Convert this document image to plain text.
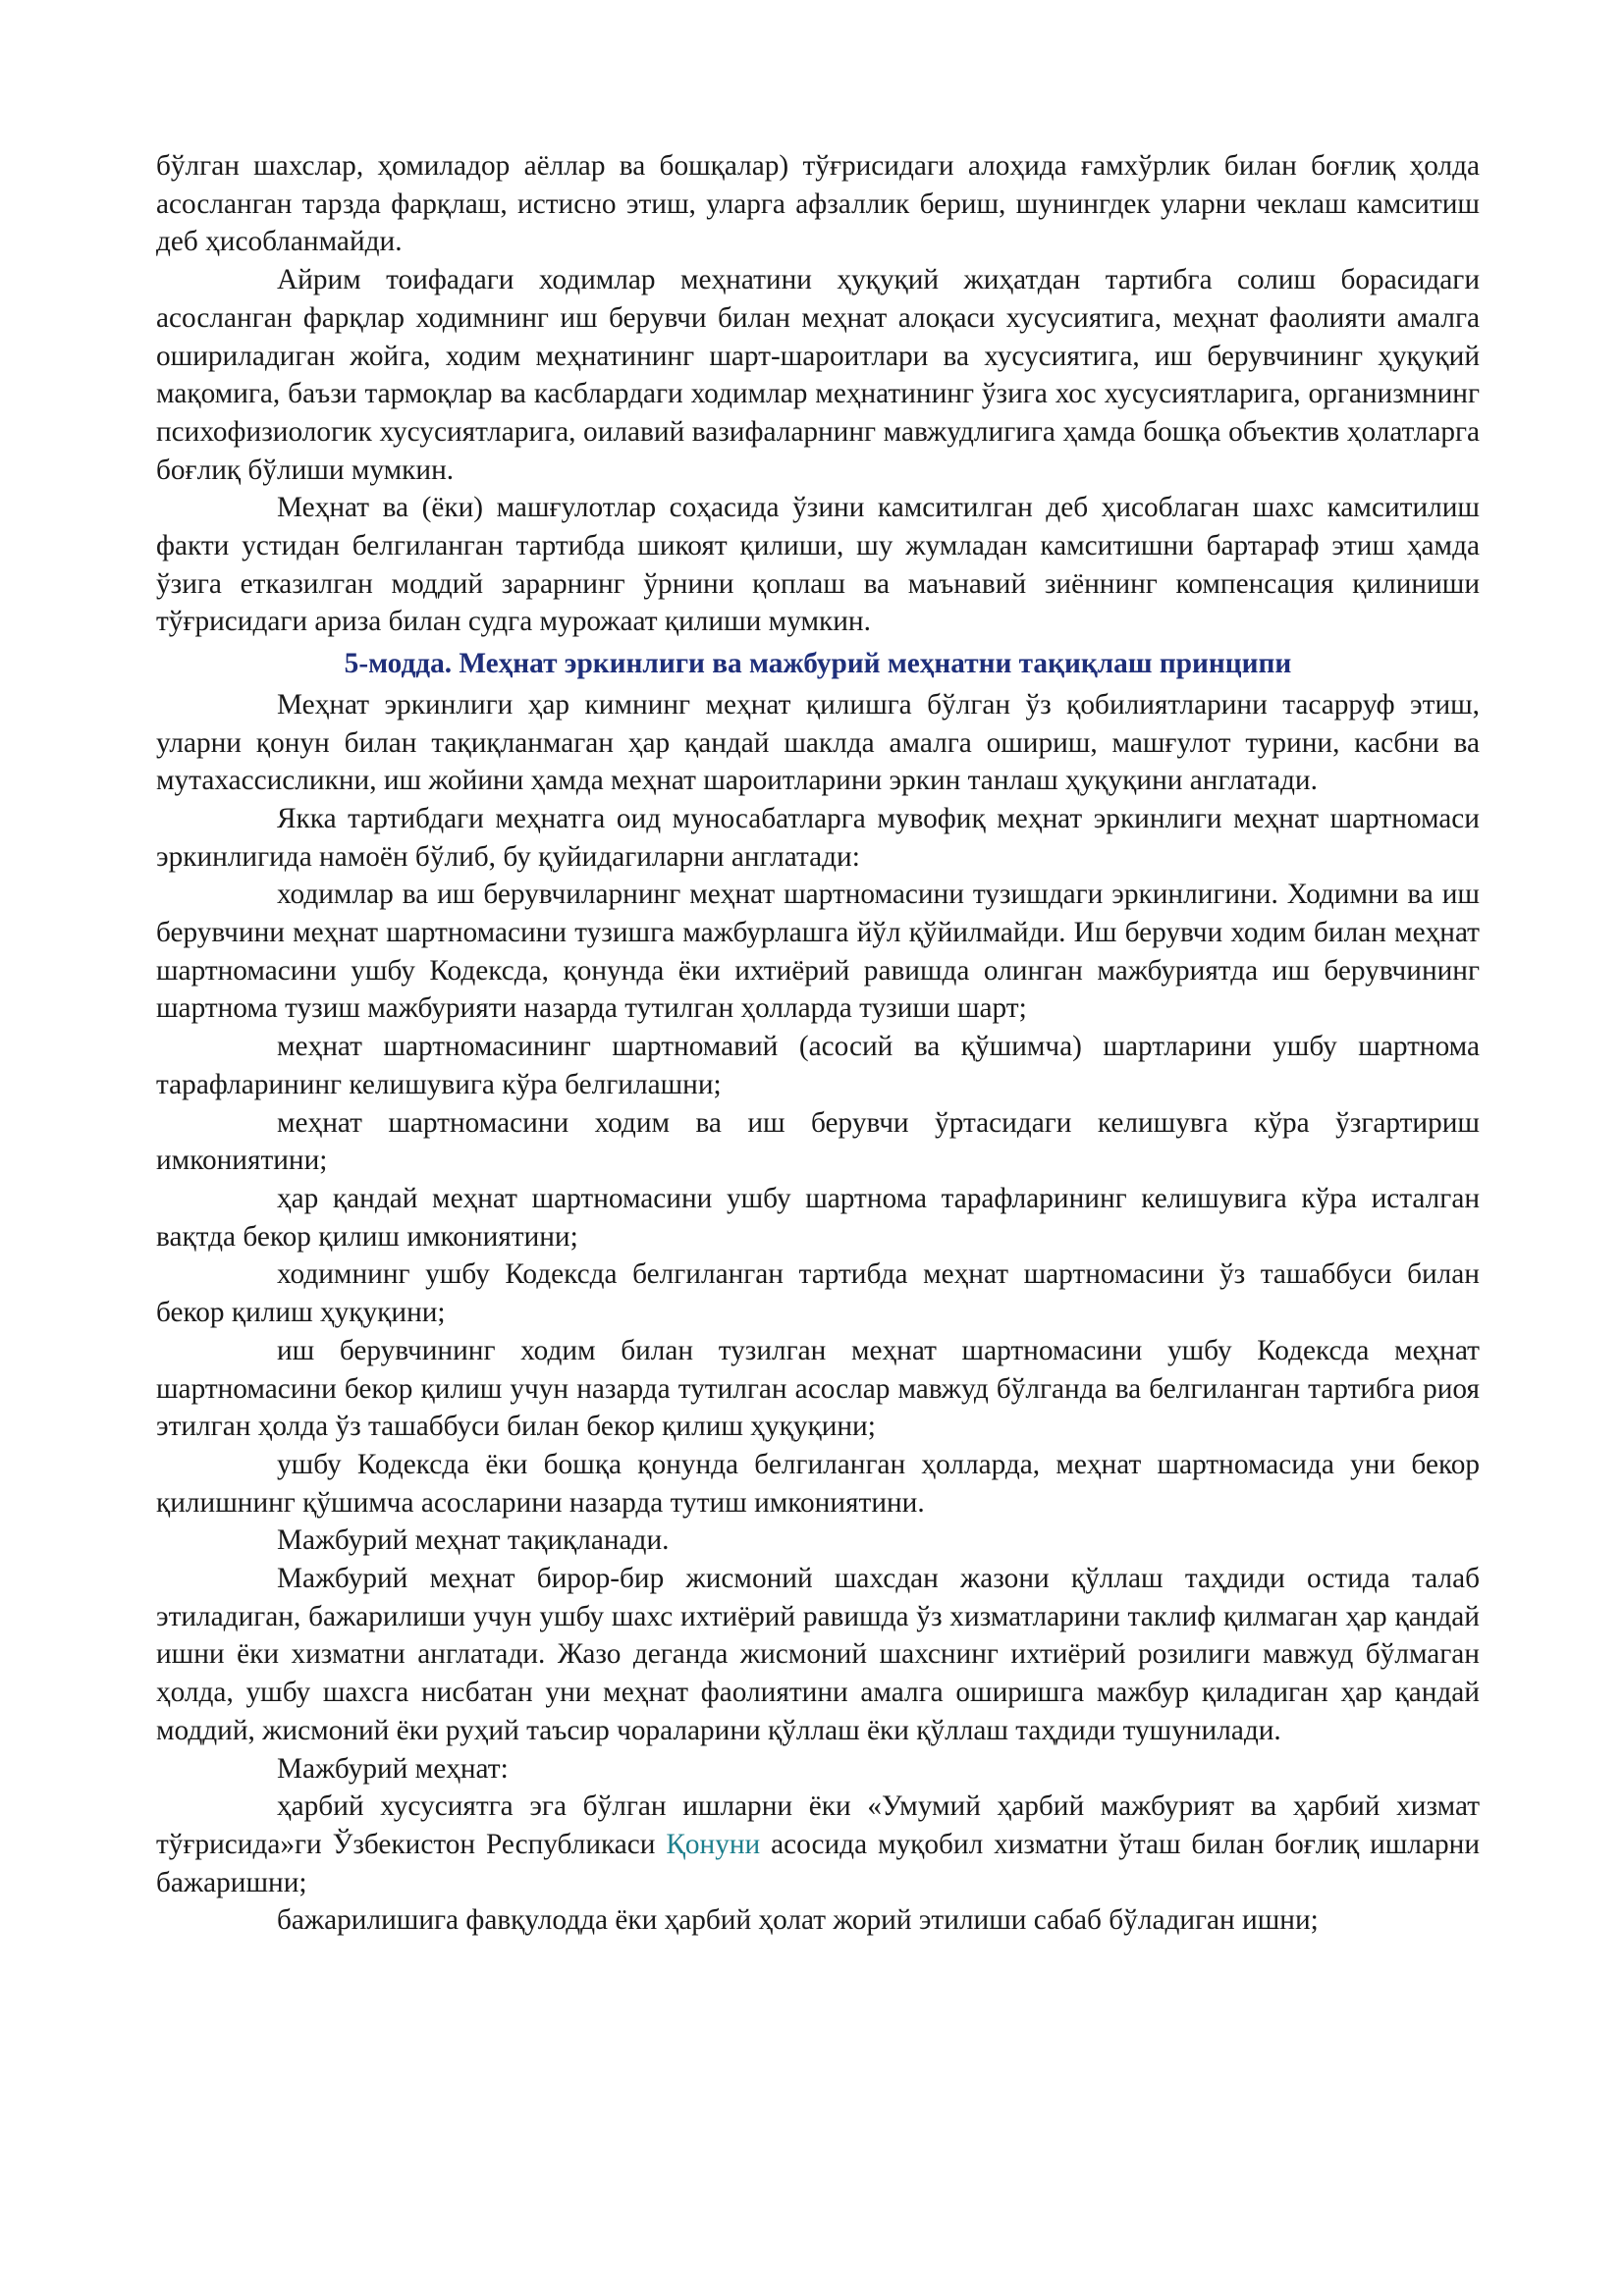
бўлган шахслар, ҳомиладор аёллар ва бошқалар) тўғрисидаги алоҳида ғамхўрлик билан боғлиқ ҳолда асосланган тарзда фарқлаш, истисно этиш, уларга афзаллик бериш, шунингдек уларни чеклаш камситиш деб ҳисобланмайди.

Айрим тоифадаги ходимлар меҳнатини ҳуқуқий жиҳатдан тартибга солиш борасидаги асосланган фарқлар ходимнинг иш берувчи билан меҳнат алоқаси хусусиятига, меҳнат фаолияти амалга ошириладиган жойга, ходим меҳнатининг шарт-шароитлари ва хусусиятига, иш берувчининг ҳуқуқий мақомига, баъзи тармоқлар ва касблардаги ходимлар меҳнатининг ўзига хос хусусиятларига, организмнинг психофизиологик хусусиятларига, оилавий вазифаларнинг мавжудлигига ҳамда бошқа объектив ҳолатларга боғлиқ бўлиши мумкин.

Меҳнат ва (ёки) машғулотлар соҳасида ўзини камситилган деб ҳисоблаган шахс камситилиш факти устидан белгиланган тартибда шикоят қилиши, шу жумладан камситишни бартараф этиш ҳамда ўзига етказилган моддий зарарнинг ўрнини қоплаш ва маънавий зиённинг компенсация қилиниши тўғрисидаги ариза билан судга мурожаат қилиши мумкин.

5-модда. Меҳнат эркинлиги ва мажбурий меҳнатни тақиқлаш принципи

Меҳнат эркинлиги ҳар кимнинг меҳнат қилишга бўлган ўз қобилиятларини тасарруф этиш, уларни қонун билан тақиқланмаган ҳар қандай шаклда амалга ошириш, машғулот турини, касбни ва мутахассисликни, иш жойини ҳамда меҳнат шароитларини эркин танлаш ҳуқуқини англатади.

Якка тартибдаги меҳнатга оид муносабатларга мувофиқ меҳнат эркинлиги меҳнат шартномаси эркинлигида намоён бўлиб, бу қуйидагиларни англатади:

ходимлар ва иш берувчиларнинг меҳнат шартномасини тузишдаги эркинлигини. Ходимни ва иш берувчини меҳнат шартномасини тузишга мажбурлашга йўл қўйилмайди. Иш берувчи ходим билан меҳнат шартномасини ушбу Кодексда, қонунда ёки ихтиёрий равишда олинган мажбуриятда иш берувчининг шартнома тузиш мажбурияти назарда тутилган ҳолларда тузиши шарт;

меҳнат шартномасининг шартномавий (асосий ва қўшимча) шартларини ушбу шартнома тарафларининг келишувига кўра белгилашни;

меҳнат шартномасини ходим ва иш берувчи ўртасидаги келишувга кўра ўзгартириш имкониятини;

ҳар қандай меҳнат шартномасини ушбу шартнома тарафларининг келишувига кўра исталган вақтда бекор қилиш имкониятини;

ходимнинг ушбу Кодексда белгиланган тартибда меҳнат шартномасини ўз ташаббуси билан бекор қилиш ҳуқуқини;

иш берувчининг ходим билан тузилган меҳнат шартномасини ушбу Кодексда меҳнат шартномасини бекор қилиш учун назарда тутилган асослар мавжуд бўлганда ва белгиланган тартибга риоя этилган ҳолда ўз ташаббуси билан бекор қилиш ҳуқуқини;

ушбу Кодексда ёки бошқа қонунда белгиланган ҳолларда, меҳнат шартномасида уни бекор қилишнинг қўшимча асосларини назарда тутиш имкониятини.

Мажбурий меҳнат тақиқланади.

Мажбурий меҳнат бирор-бир жисмоний шахсдан жазони қўллаш таҳдиди остида талаб этиладиган, бажарилиши учун ушбу шахс ихтиёрий равишда ўз хизматларини таклиф қилмаган ҳар қандай ишни ёки хизматни англатади. Жазо деганда жисмоний шахснинг ихтиёрий розилиги мавжуд бўлмаган ҳолда, ушбу шахсга нисбатан уни меҳнат фаолиятини амалга оширишга мажбур қиладиган ҳар қандай моддий, жисмоний ёки руҳий таъсир чораларини қўллаш ёки қўллаш таҳдиди тушунилади.

Мажбурий меҳнат:

ҳарбий хусусиятга эга бўлган ишларни ёки «Умумий ҳарбий мажбурият ва ҳарбий хизмат тўғрисида»ги Ўзбекистон Республикаси Қонуни асосида муқобил хизматни ўташ билан боғлиқ ишларни бажаришни;

бажарилишига фавқулодда ёки ҳарбий ҳолат жорий этилиши сабаб бўладиган ишни;
